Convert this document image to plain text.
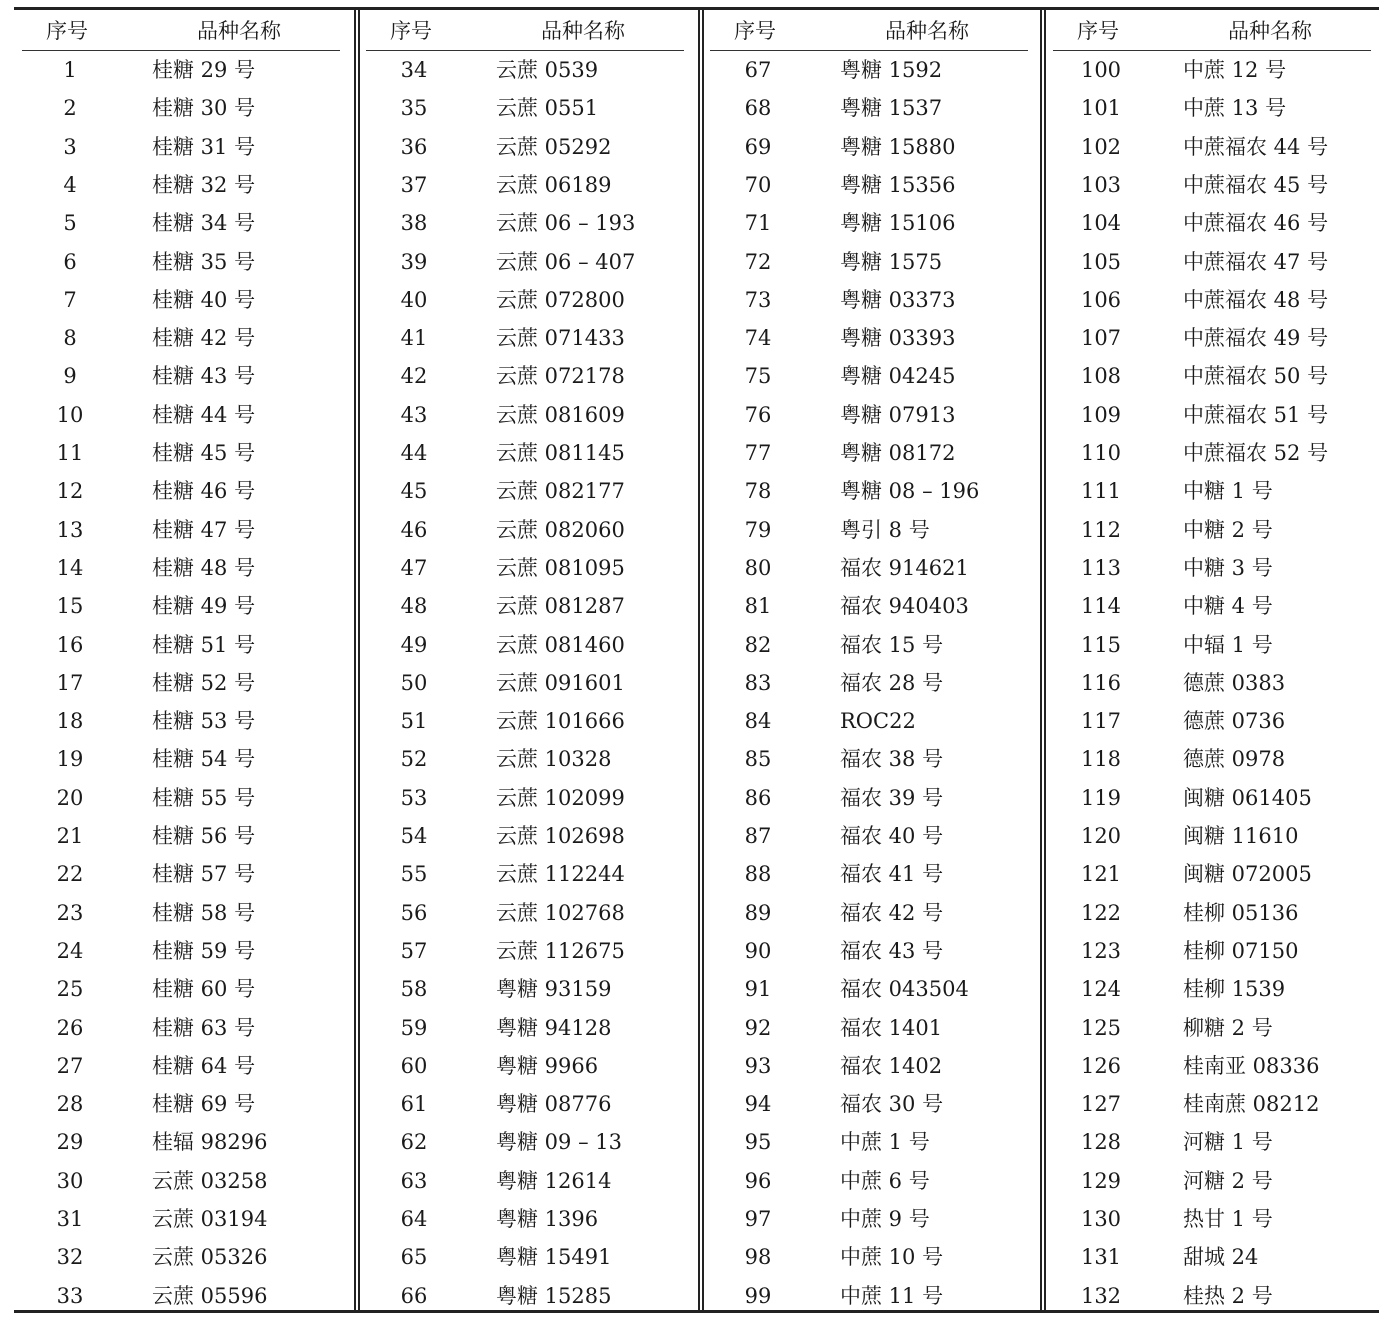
序号	品种名称
1	桂糖 29 号
2	桂糖 30 号
3	桂糖 31 号
4	桂糖 32 号
5	桂糖 34 号
6	桂糖 35 号
7	桂糖 40 号
8	桂糖 42 号
9	桂糖 43 号
10	桂糖 44 号
11	桂糖 45 号
12	桂糖 46 号
13	桂糖 47 号
14	桂糖 48 号
15	桂糖 49 号
16	桂糖 51 号
17	桂糖 52 号
18	桂糖 53 号
19	桂糖 54 号
20	桂糖 55 号
21	桂糖 56 号
22	桂糖 57 号
23	桂糖 58 号
24	桂糖 59 号
25	桂糖 60 号
26	桂糖 63 号
27	桂糖 64 号
28	桂糖 69 号
29	桂辐 98296
30	云蔗 03258
31	云蔗 03194
32	云蔗 05326
33	云蔗 05596
序号	品种名称
34	云蔗 0539
35	云蔗 0551
36	云蔗 05292
37	云蔗 06189
38	云蔗 06 – 193
39	云蔗 06 – 407
40	云蔗 072800
41	云蔗 071433
42	云蔗 072178
43	云蔗 081609
44	云蔗 081145
45	云蔗 082177
46	云蔗 082060
47	云蔗 081095
48	云蔗 081287
49	云蔗 081460
50	云蔗 091601
51	云蔗 101666
52	云蔗 10328
53	云蔗 102099
54	云蔗 102698
55	云蔗 112244
56	云蔗 102768
57	云蔗 112675
58	粤糖 93159
59	粤糖 94128
60	粤糖 9966
61	粤糖 08776
62	粤糖 09 – 13
63	粤糖 12614
64	粤糖 1396
65	粤糖 15491
66	粤糖 15285
序号	品种名称
67	粤糖 1592
68	粤糖 1537
69	粤糖 15880
70	粤糖 15356
71	粤糖 15106
72	粤糖 1575
73	粤糖 03373
74	粤糖 03393
75	粤糖 04245
76	粤糖 07913
77	粤糖 08172
78	粤糖 08 – 196
79	粤引 8 号
80	福农 914621
81	福农 940403
82	福农 15 号
83	福农 28 号
84	ROC22
85	福农 38 号
86	福农 39 号
87	福农 40 号
88	福农 41 号
89	福农 42 号
90	福农 43 号
91	福农 043504
92	福农 1401
93	福农 1402
94	福农 30 号
95	中蔗 1 号
96	中蔗 6 号
97	中蔗 9 号
98	中蔗 10 号
99	中蔗 11 号
序号	品种名称
100	中蔗 12 号
101	中蔗 13 号
102	中蔗福农 44 号
103	中蔗福农 45 号
104	中蔗福农 46 号
105	中蔗福农 47 号
106	中蔗福农 48 号
107	中蔗福农 49 号
108	中蔗福农 50 号
109	中蔗福农 51 号
110	中蔗福农 52 号
111	中糖 1 号
112	中糖 2 号
113	中糖 3 号
114	中糖 4 号
115	中辐 1 号
116	德蔗 0383
117	德蔗 0736
118	德蔗 0978
119	闽糖 061405
120	闽糖 11610
121	闽糖 072005
122	桂柳 05136
123	桂柳 07150
124	桂柳 1539
125	柳糖 2 号
126	桂南亚 08336
127	桂南蔗 08212
128	河糖 1 号
129	河糖 2 号
130	热甘 1 号
131	甜城 24
132	桂热 2 号
